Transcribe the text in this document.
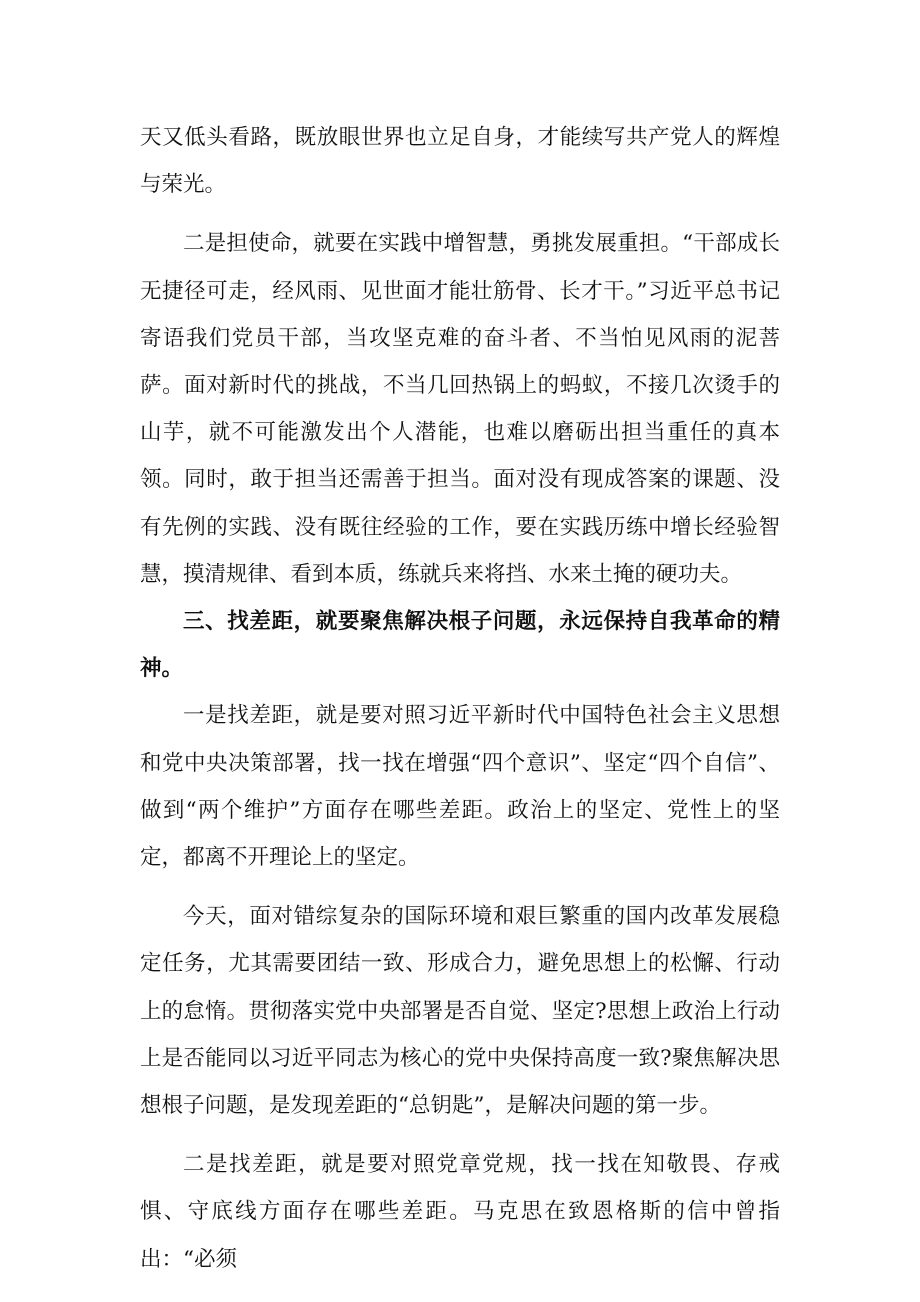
天又低头看路，既放眼世界也立足自身，才能续写共产党人的辉煌与荣光。

二是担使命，就要在实践中增智慧，勇挑发展重担。“干部成长无捷径可走，经风雨、见世面才能壮筋骨、长才干。”习近平总书记寄语我们党员干部，当攻坚克难的奋斗者、不当怕见风雨的泥菩萨。面对新时代的挑战，不当几回热锅上的蚂蚁，不接几次烫手的山芋，就不可能激发出个人潜能，也难以磨砺出担当重任的真本领。同时，敢于担当还需善于担当。面对没有现成答案的课题、没有先例的实践、没有既往经验的工作，要在实践历练中增长经验智慧，摸清规律、看到本质，练就兵来将挡、水来土掩的硬功夫。

三、找差距，就要聚焦解决根子问题，永远保持自我革命的精神。

一是找差距，就是要对照习近平新时代中国特色社会主义思想和党中央决策部署，找一找在增强“四个意识”、坚定“四个自信”、做到“两个维护”方面存在哪些差距。政治上的坚定、党性上的坚定，都离不开理论上的坚定。

今天，面对错综复杂的国际环境和艰巨繁重的国内改革发展稳定任务，尤其需要团结一致、形成合力，避免思想上的松懈、行动上的怠惰。贯彻落实党中央部署是否自觉、坚定?思想上政治上行动上是否能同以习近平同志为核心的党中央保持高度一致?聚焦解决思想根子问题，是发现差距的“总钥匙”，是解决问题的第一步。

二是找差距，就是要对照党章党规，找一找在知敬畏、存戒惧、守底线方面存在哪些差距。马克思在致恩格斯的信中曾指出：“必须
